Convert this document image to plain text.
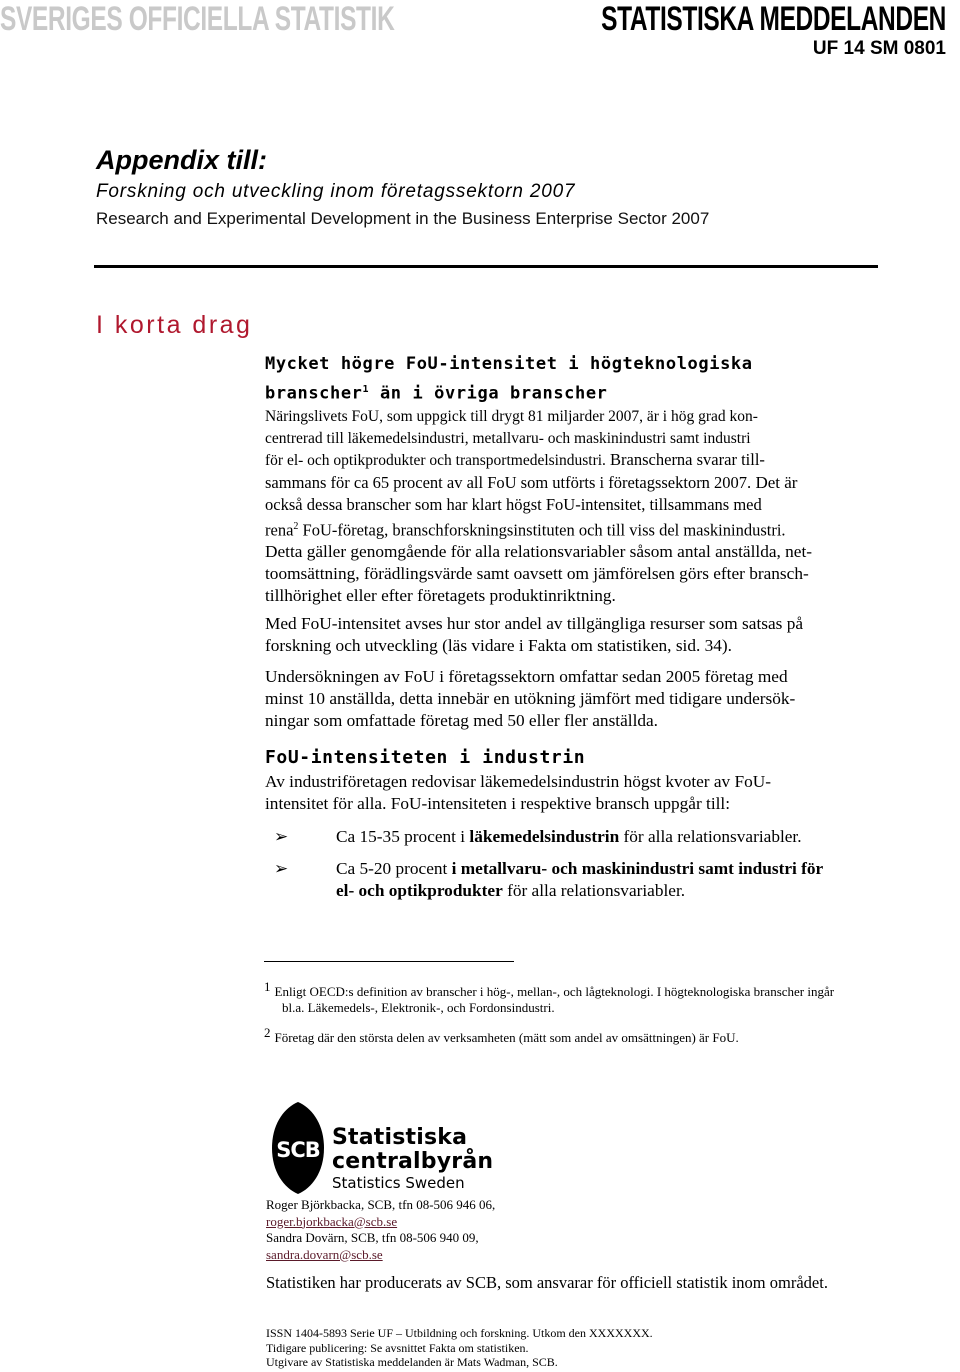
SVERIGES OFFICIELLA STATISTIK	STATISTISKA MEDDELANDEN
UF 14 SM 0801

Appendix till:

Forskning och utveckling inom företagssektorn 2007

Research and Experimental Development in the Business Enterprise Sector 2007

I korta drag

Mycket högre FoU-intensitet i högteknologiska

branscher$^1$ än i övriga branscher

Näringslivets FoU, som uppgick till drygt 81 miljarder 2007, är i hög grad kon-

centrerad till läkemedelsindustri, metallvaru- och maskinindustri samt industri

för el- och optikprodukter och transportmedelsindustri. Branscherna svarar till-

sammans för ca 65 procent av all FoU som utförts i företagssektorn 2007. Det är

också dessa branscher som har klart högst FoU-intensitet, tillsammans med

rena$^2$ FoU-företag, branschforskningsinstituten och till viss del maskinindustri.

Detta gäller genomgående för alla relationsvariabler såsom antal anställda, net-

toomsättning, förädlingsvärde samt oavsett om jämförelsen görs efter bransch-

tillhörighet eller efter företagets produktinriktning.

Med FoU-intensitet avses hur stor andel av tillgängliga resurser som satsas på

forskning och utveckling (läs vidare i Fakta om statistiken, sid. 34).

Undersökningen av FoU i företagssektorn omfattar sedan 2005 företag med

minst 10 anställda, detta innebär en utökning jämfört med tidigare undersök-

ningar som omfattade företag med 50 eller fler anställda.

FoU-intensiteten i industrin

Av industriföretagen redovisar läkemedelsindustrin högst kvoter av FoU-

intensitet för alla. FoU-intensiteten i respektive bransch uppgår till:

➢	Ca 15-35 procent i läkemedelsindustrin för alla relationsvariabler.
➢	Ca 5-20 procent i metallvaru- och maskinindustri samt industri för
el- och optikprodukter för alla relationsvariabler.
1 Enligt OECD:s definition av branscher i hög-, mellan-, och lågteknologi. I högteknologiska branscher ingår
bl.a. Läkemedels-, Elektronik-, och Fordonsindustri.
2 Företag där den största delen av verksamheten (mätt som andel av omsättningen) är FoU.
SCB Statistiska centralbyrån
Statistics Sweden
Roger Björkbacka, SCB, tfn 08-506 946 06,
roger.bjorkbacka@scb.se
Sandra Dovärn, SCB, tfn 08-506 940 09,
sandra.dovarn@scb.se
Statistiken har producerats av SCB, som ansvarar för officiell statistik inom området.
ISSN 1404-5893 Serie UF – Utbildning och forskning. Utkom den XXXXXXX.
Tidigare publicering: Se avsnittet Fakta om statistiken.
Utgivare av Statistiska meddelanden är Mats Wadman, SCB.
